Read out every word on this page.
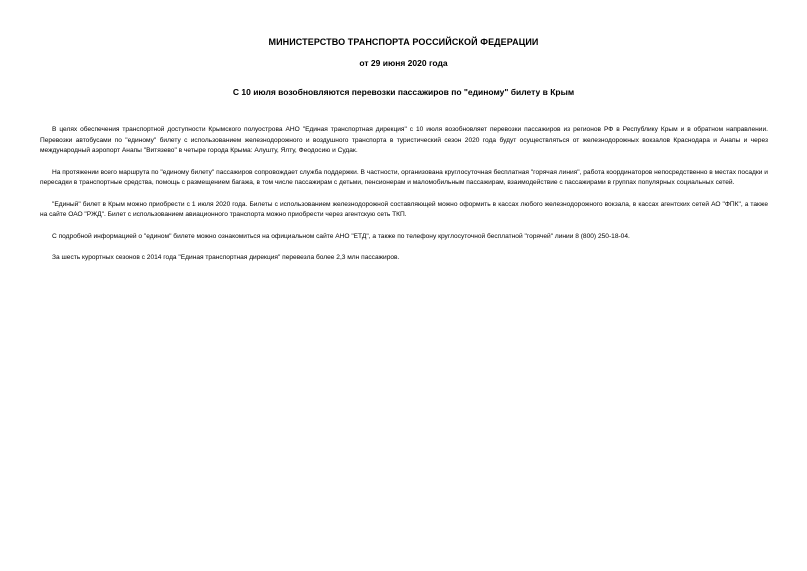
МИНИСТЕРСТВО ТРАНСПОРТА РОССИЙСКОЙ ФЕДЕРАЦИИ
от 29 июня 2020 года
С 10 июля возобновляются перевозки пассажиров по "единому" билету в Крым

В целях обеспечения транспортной доступности Крымского полуострова АНО "Единая транспортная дирекция" с 10 июля возобновляет перевозки пассажиров из регионов РФ в Республику Крым и в обратном направлении. Перевозки автобусами по "единому" билету с использованием железнодорожного и воздушного транспорта в туристический сезон 2020 года будут осуществляться от железнодорожных вокзалов Краснодара и Анапы и через международный аэропорт Анапы "Витязево" в четыре города Крыма: Алушту, Ялту, Феодосию и Судак.

На протяжении всего маршрута по "единому билету" пассажиров сопровождает служба поддержки. В частности, организована круглосуточная бесплатная "горячая линия", работа координаторов непосредственно в местах посадки и пересадки в транспортные средства, помощь с размещением багажа, в том числе пассажирам с детьми, пенсионерам и маломобильным пассажирам, взаимодействие с пассажирами в группах популярных социальных сетей.

"Единый" билет в Крым можно приобрести с 1 июля 2020 года. Билеты с использованием железнодорожной составляющей можно оформить в кассах любого железнодорожного вокзала, в кассах агентских сетей АО "ФПК", а также на сайте ОАО "РЖД". Билет с использованием авиационного транспорта можно приобрести через агентскую сеть ТКП.

С подробной информацией о "едином" билете можно ознакомиться на официальном сайте АНО "ЕТД", а также по телефону круглосуточной бесплатной "горячей" линии 8 (800) 250-18-04.

За шесть курортных сезонов с 2014 года "Единая транспортная дирекция" перевезла более 2,3 млн пассажиров.
